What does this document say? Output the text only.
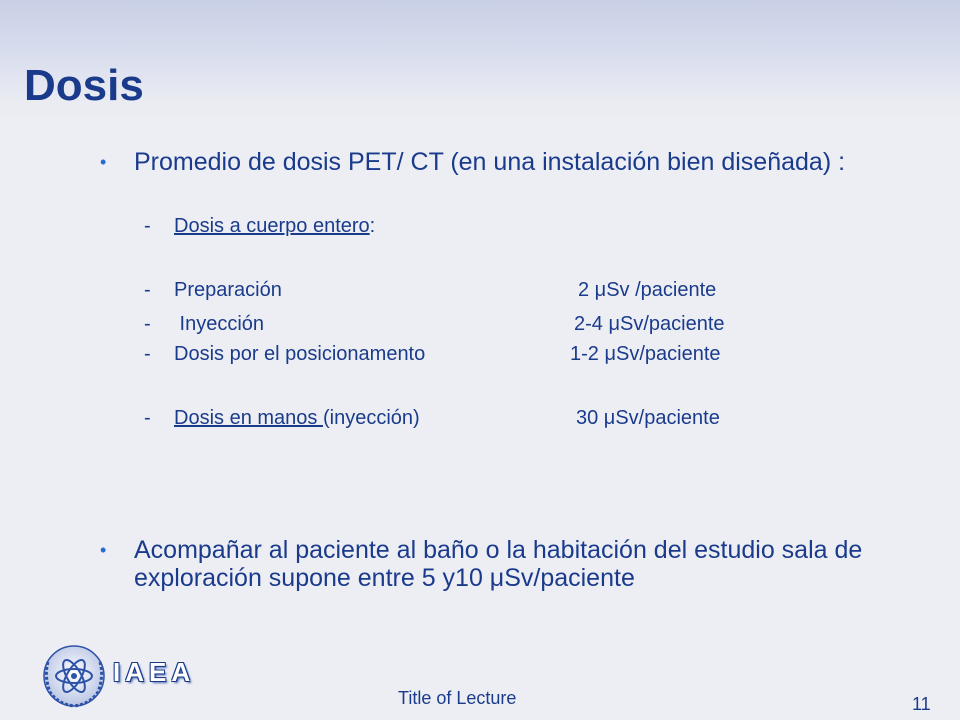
Dosis
• Promedio de dosis PET/ CT (en una instalación bien diseñada) :
- Dosis a cuerpo entero:
- Preparación	2 μSv /paciente
- Inyección	2-4 μSv/paciente
- Dosis por el posicionamento	1-2 μSv/paciente
- Dosis en manos (inyección)	30 μSv/paciente
• Acompañar al paciente al baño o la habitación del estudio sala de exploración supone entre 5 y10 μSv/paciente
IAEA
Title of Lecture	11
